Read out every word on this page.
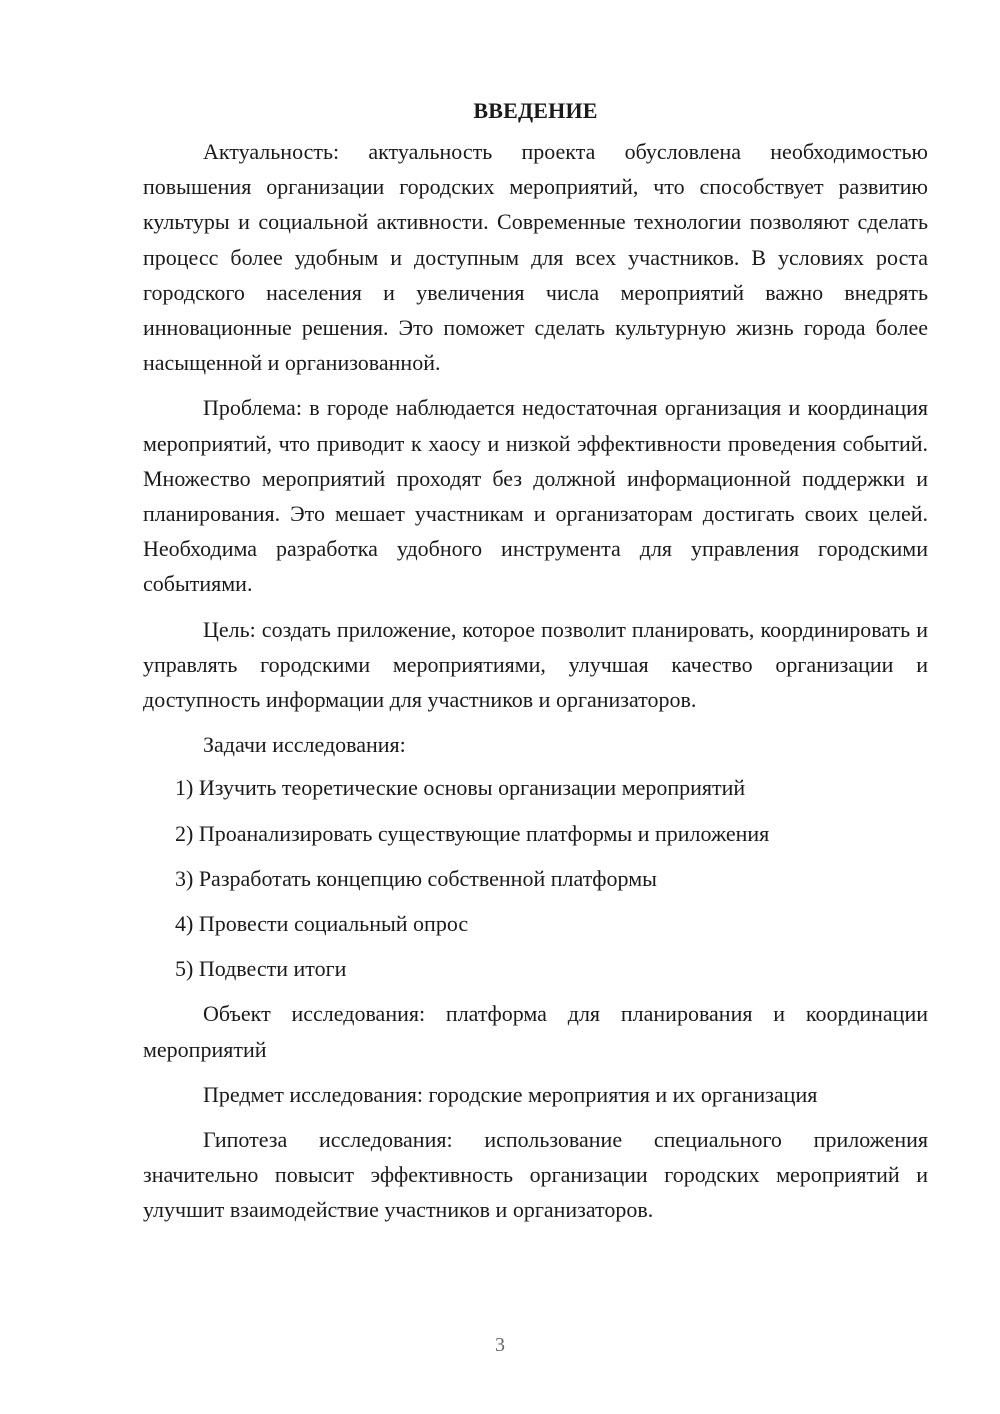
ВВЕДЕНИЕ

Актуальность: актуальность проекта обусловлена необходимостью повышения организации городских мероприятий, что способствует развитию культуры и социальной активности. Современные технологии позволяют сделать процесс более удобным и доступным для всех участников. В условиях роста городского населения и увеличения числа мероприятий важно внедрять инновационные решения. Это поможет сделать культурную жизнь города более насыщенной и организованной.

Проблема: в городе наблюдается недостаточная организация и координация мероприятий, что приводит к хаосу и низкой эффективности проведения событий. Множество мероприятий проходят без должной информационной поддержки и планирования. Это мешает участникам и организаторам достигать своих целей. Необходима разработка удобного инструмента для управления городскими событиями.

Цель: создать приложение, которое позволит планировать, координировать и управлять городскими мероприятиями, улучшая качество организации и доступность информации для участников и организаторов.

Задачи исследования:

1) Изучить теоретические основы организации мероприятий
2) Проанализировать существующие платформы и приложения
3) Разработать концепцию собственной платформы
4) Провести социальный опрос
5) Подвести итоги

Объект исследования: платформа для планирования и координации мероприятий

Предмет исследования: городские мероприятия и их организация

Гипотеза исследования: использование специального приложения значительно повысит эффективность организации городских мероприятий и улучшит взаимодействие участников и организаторов.

3
